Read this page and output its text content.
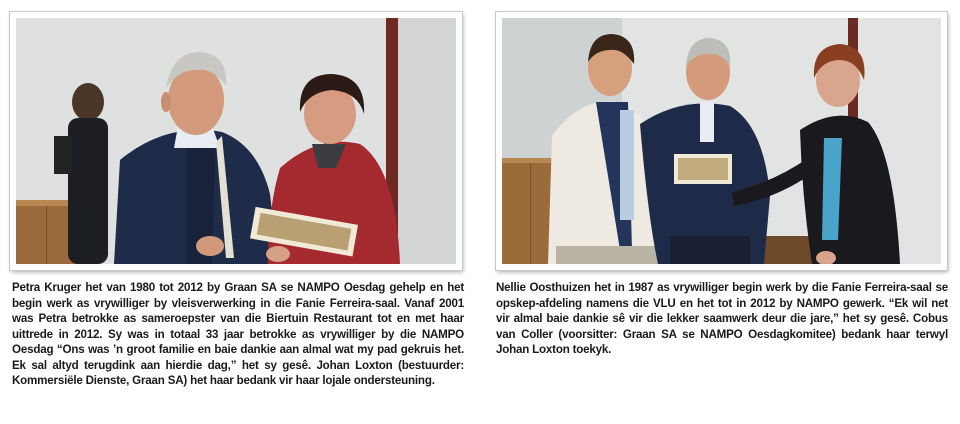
Petra Kruger het van 1980 tot 2012 by Graan SA se NAMPO Oesdag gehelp en het begin werk as vrywilliger by vleisverwerking in die Fanie Ferreira-saal. Vanaf 2001 was Petra betrokke as sameroepster van die Biertuin Restaurant tot en met haar uittrede in 2012. Sy was in totaal 33 jaar betrokke as vrywilliger by die NAMPO Oesdag “Ons was ’n groot familie en baie dankie aan almal wat my pad gekruis het. Ek sal altyd terugdink aan hierdie dag,” het sy gesê. Johan Loxton (bestuurder: Kommersiële Dienste, Graan SA) het haar bedank vir haar lojale ondersteuning.
Nellie Oosthuizen het in 1987 as vrywilliger begin werk by die Fanie Ferreira-saal se opskep-afdeling namens die VLU en het tot in 2012 by NAMPO gewerk. “Ek wil net vir almal baie dankie sê vir die lekker saamwerk deur die jare,” het sy gesê. Cobus van Coller (voorsitter: Graan SA se NAMPO Oesdagkomitee) bedank haar terwyl Johan Loxton toekyk.
